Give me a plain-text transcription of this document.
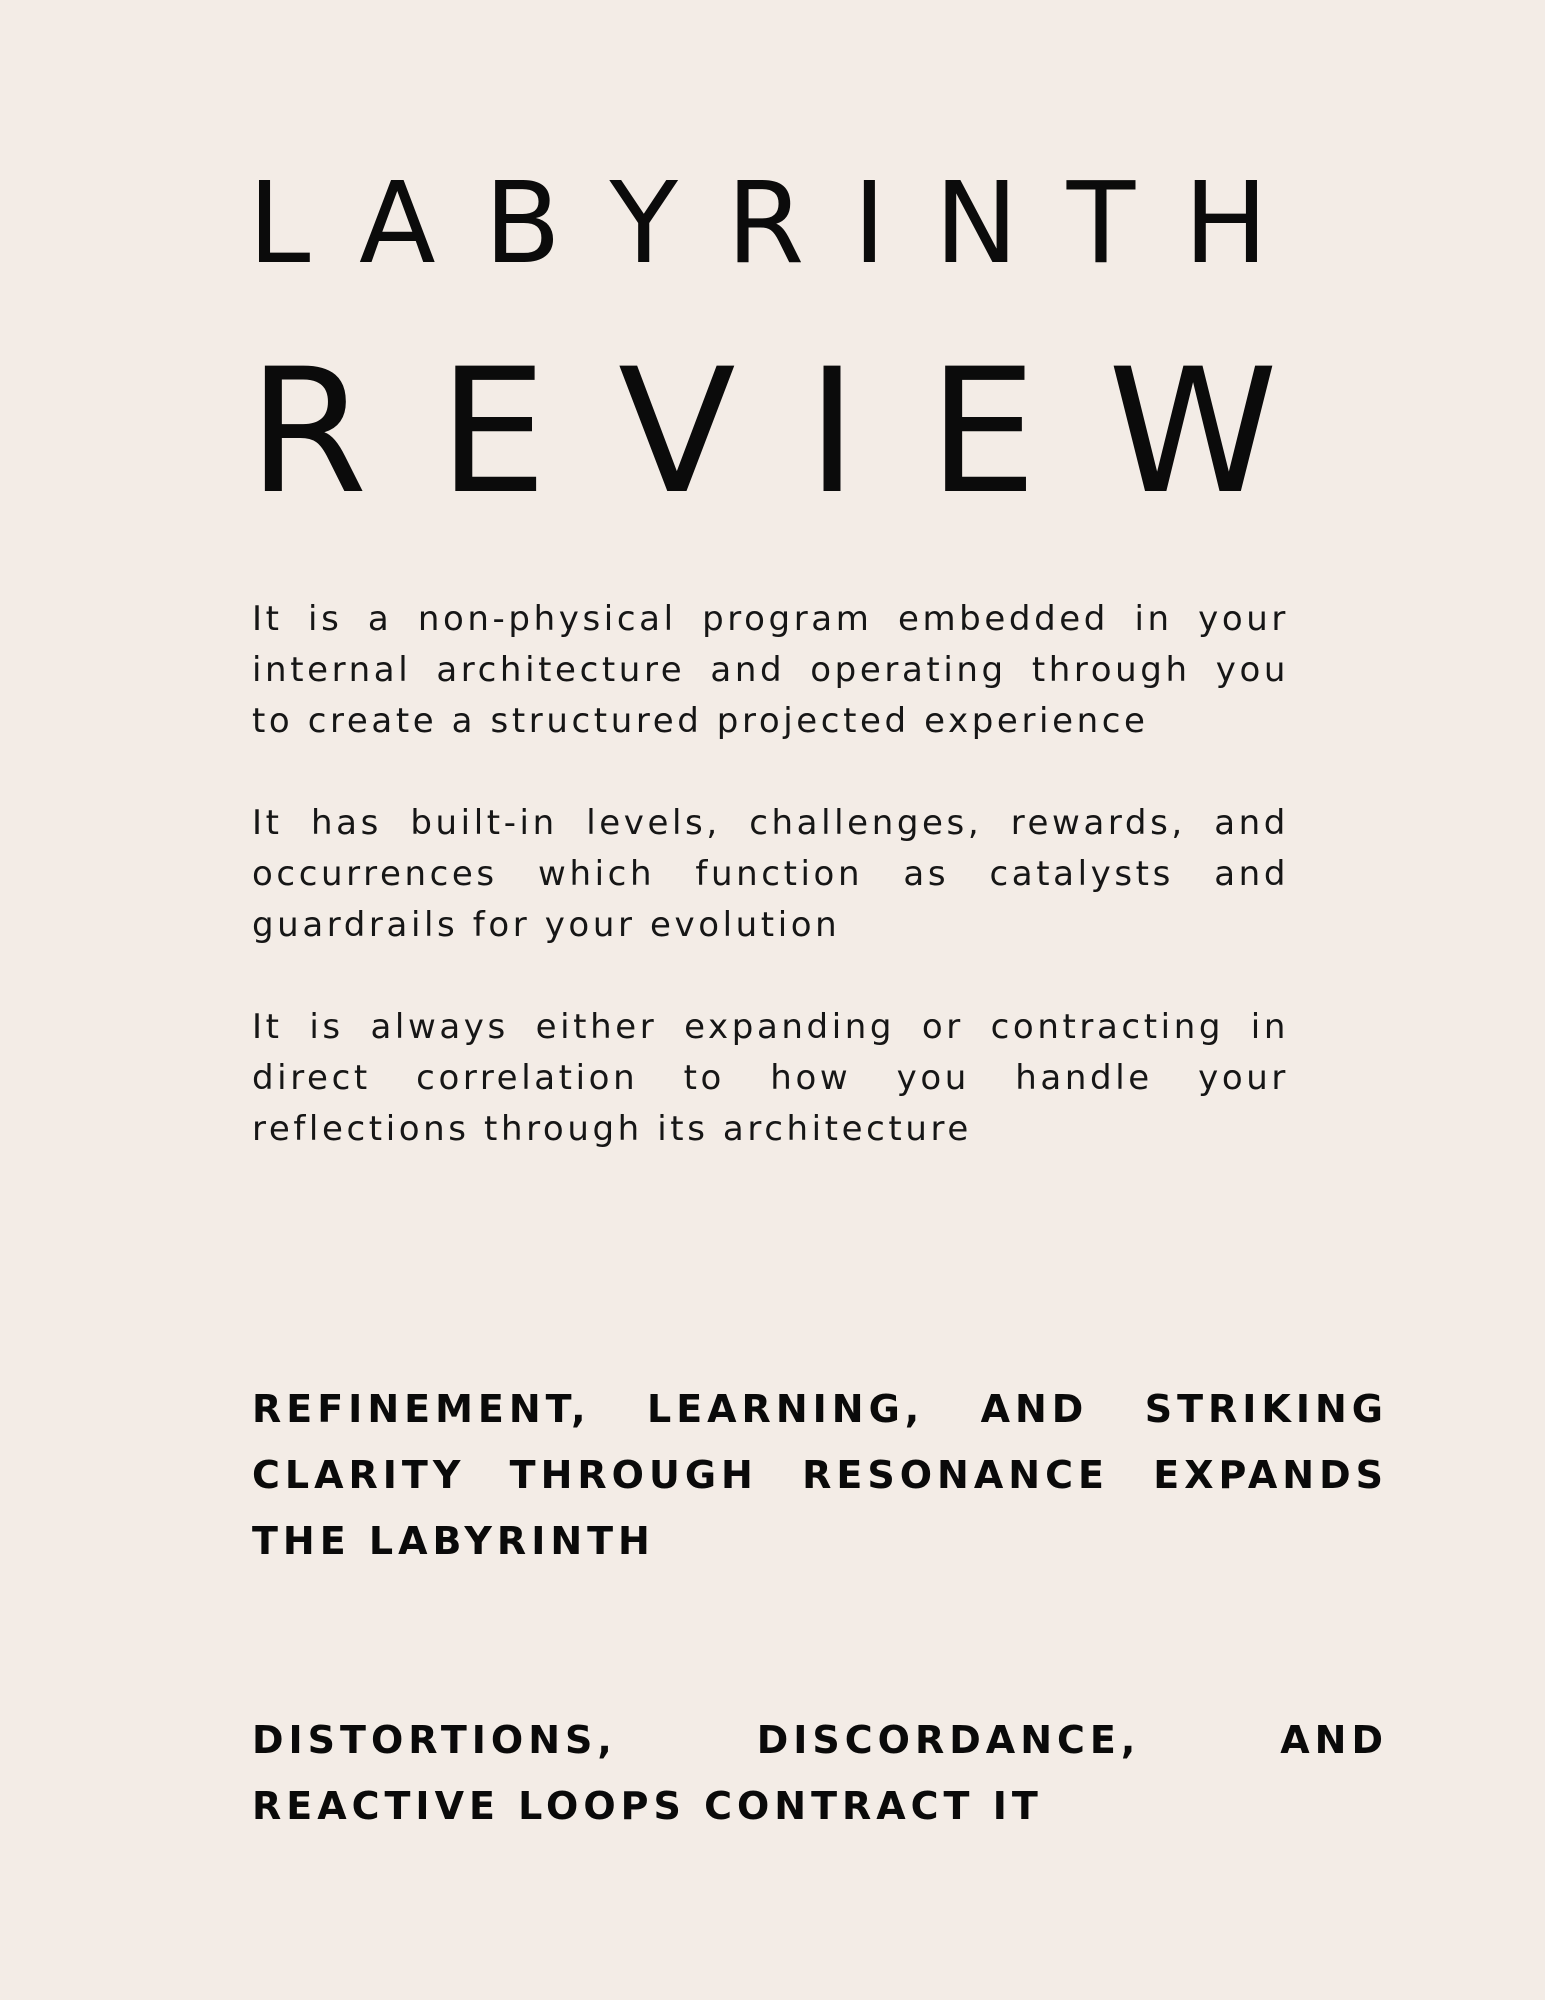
L A B Y R I N T H
R E V I E W

It is a non-physical program embedded in your internal architecture and operating through you to create a structured projected experience

It has built-in levels, challenges, rewards, and occurrences which function as catalysts and guardrails for your evolution

It is always either expanding or contracting in direct correlation to how you handle your reflections through its architecture

REFINEMENT, LEARNING, AND STRIKING CLARITY THROUGH RESONANCE EXPANDS THE LABYRINTH

DISTORTIONS, DISCORDANCE, AND REACTIVE LOOPS CONTRACT IT
